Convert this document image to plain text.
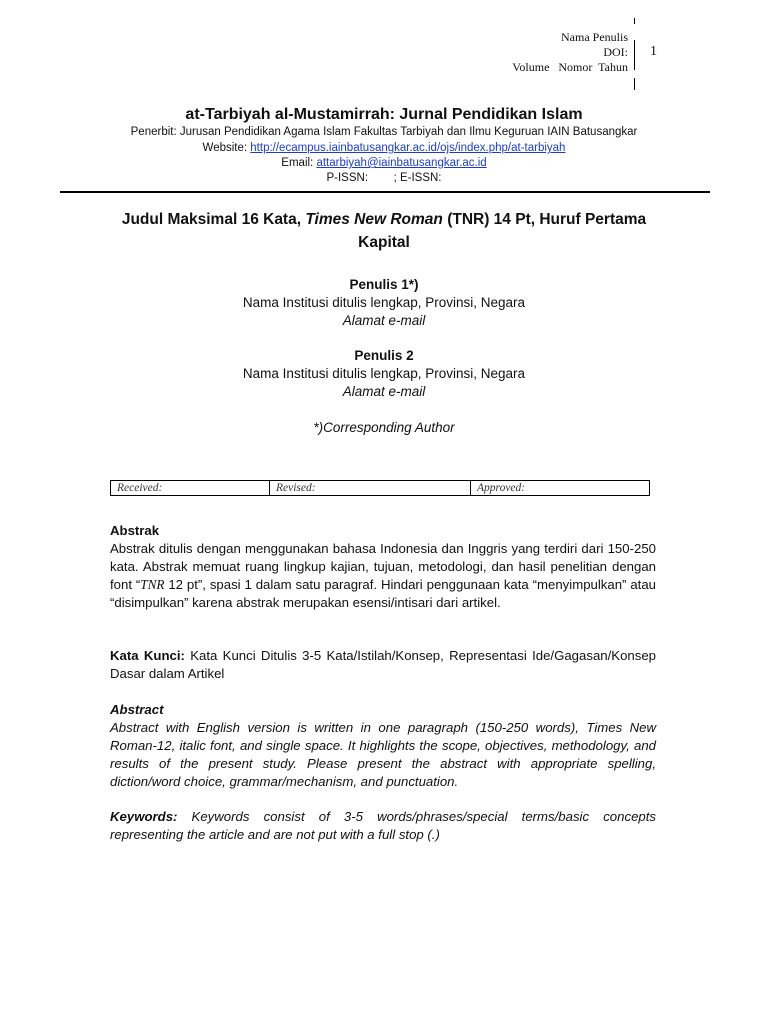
Nama Penulis
DOI:
Volume   Nomor  Tahun
1
at-Tarbiyah al-Mustamirrah: Jurnal Pendidikan Islam
Penerbit: Jurusan Pendidikan Agama Islam Fakultas Tarbiyah dan Ilmu Keguruan IAIN Batusangkar
Website: http://ecampus.iainbatusangkar.ac.id/ojs/index.php/at-tarbiyah
Email: attarbiyah@iainbatusangkar.ac.id
P-ISSN:        ; E-ISSN:
Judul Maksimal 16 Kata, Times New Roman (TNR) 14 Pt, Huruf Pertama
Kapital
Penulis 1*)
Nama Institusi ditulis lengkap, Provinsi, Negara
Alamat e-mail
Penulis 2
Nama Institusi ditulis lengkap, Provinsi, Negara
Alamat e-mail
*)Corresponding Author
Received:	Revised:	Approved:
Abstrak
Abstrak ditulis dengan menggunakan bahasa Indonesia dan Inggris yang terdiri dari 150-250 kata. Abstrak memuat ruang lingkup kajian, tujuan, metodologi, dan hasil penelitian dengan font “TNR 12 pt”, spasi 1 dalam satu paragraf. Hindari penggunaan kata “menyimpulkan” atau “disimpulkan” karena abstrak merupakan esensi/intisari dari artikel.
Kata Kunci: Kata Kunci Ditulis 3-5 Kata/Istilah/Konsep, Representasi Ide/Gagasan/Konsep Dasar dalam Artikel
Abstract
Abstract with English version is written in one paragraph (150-250 words), Times New Roman-12, italic font, and single space. It highlights the scope, objectives, methodology, and results of the present study. Please present the abstract with appropriate spelling, diction/word choice, grammar/mechanism, and punctuation.
Keywords: Keywords consist of 3-5 words/phrases/special terms/basic concepts representing the article and are not put with a full stop (.)
